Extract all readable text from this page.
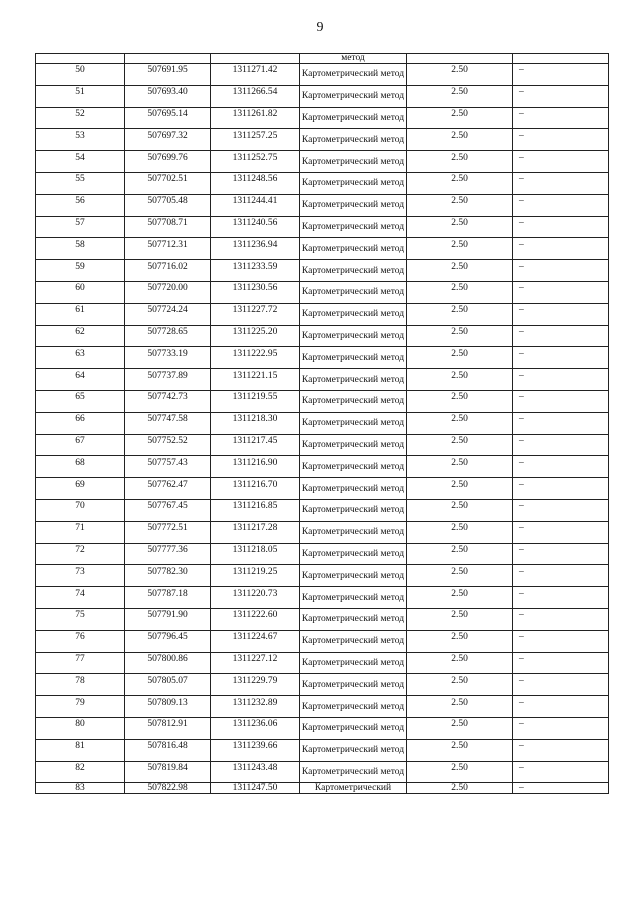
9
			метод		
50	507691.95	1311271.42	Картометрический метод	2.50	–
51	507693.40	1311266.54	Картометрический метод	2.50	–
52	507695.14	1311261.82	Картометрический метод	2.50	–
53	507697.32	1311257.25	Картометрический метод	2.50	–
54	507699.76	1311252.75	Картометрический метод	2.50	–
55	507702.51	1311248.56	Картометрический метод	2.50	–
56	507705.48	1311244.41	Картометрический метод	2.50	–
57	507708.71	1311240.56	Картометрический метод	2.50	–
58	507712.31	1311236.94	Картометрический метод	2.50	–
59	507716.02	1311233.59	Картометрический метод	2.50	–
60	507720.00	1311230.56	Картометрический метод	2.50	–
61	507724.24	1311227.72	Картометрический метод	2.50	–
62	507728.65	1311225.20	Картометрический метод	2.50	–
63	507733.19	1311222.95	Картометрический метод	2.50	–
64	507737.89	1311221.15	Картометрический метод	2.50	–
65	507742.73	1311219.55	Картометрический метод	2.50	–
66	507747.58	1311218.30	Картометрический метод	2.50	–
67	507752.52	1311217.45	Картометрический метод	2.50	–
68	507757.43	1311216.90	Картометрический метод	2.50	–
69	507762.47	1311216.70	Картометрический метод	2.50	–
70	507767.45	1311216.85	Картометрический метод	2.50	–
71	507772.51	1311217.28	Картометрический метод	2.50	–
72	507777.36	1311218.05	Картометрический метод	2.50	–
73	507782.30	1311219.25	Картометрический метод	2.50	–
74	507787.18	1311220.73	Картометрический метод	2.50	–
75	507791.90	1311222.60	Картометрический метод	2.50	–
76	507796.45	1311224.67	Картометрический метод	2.50	–
77	507800.86	1311227.12	Картометрический метод	2.50	–
78	507805.07	1311229.79	Картометрический метод	2.50	–
79	507809.13	1311232.89	Картометрический метод	2.50	–
80	507812.91	1311236.06	Картометрический метод	2.50	–
81	507816.48	1311239.66	Картометрический метод	2.50	–
82	507819.84	1311243.48	Картометрический метод	2.50	–
83	507822.98	1311247.50	Картометрический	2.50	–
